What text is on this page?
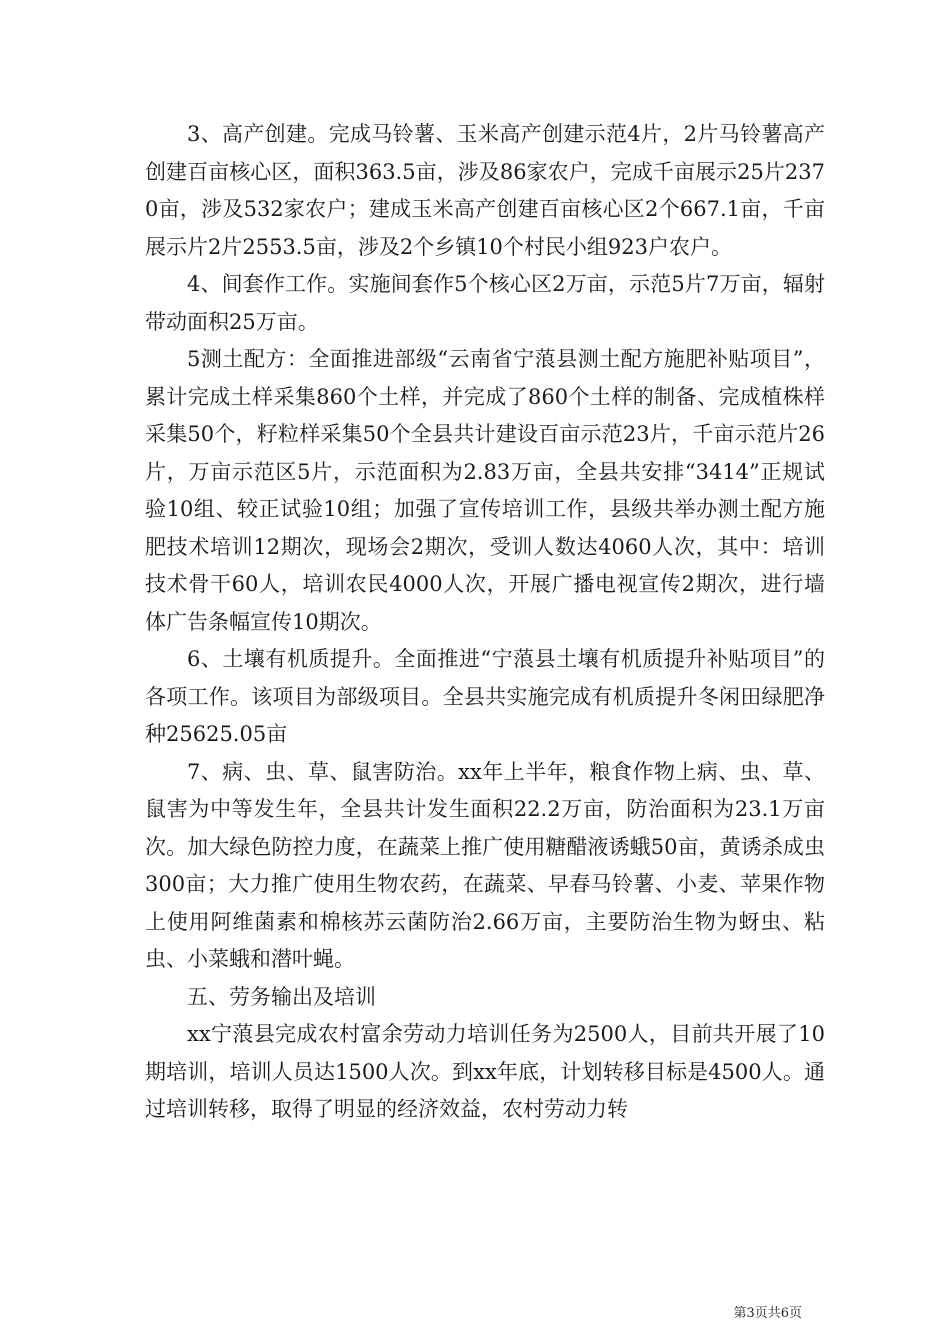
3、高产创建。完成马铃薯、玉米高产创建示范4片，2片马铃薯高产创建百亩核心区，面积363.5亩，涉及86家农户，完成千亩展示25片2370亩，涉及532家农户；建成玉米高产创建百亩核心区2个667.1亩，千亩展示片2片2553.5亩，涉及2个乡镇10个村民小组923户农户。

4、间套作工作。实施间套作5个核心区2万亩，示范5片7万亩，辐射带动面积25万亩。

5测土配方：全面推进部级“云南省宁蒗县测土配方施肥补贴项目”，累计完成土样采集860个土样，并完成了860个土样的制备、完成植株样采集50个，籽粒样采集50个全县共计建设百亩示范23片，千亩示范片26片，万亩示范区5片，示范面积为2.83万亩，全县共安排“3414”正规试验10组、较正试验10组；加强了宣传培训工作，县级共举办测土配方施肥技术培训12期次，现场会2期次，受训人数达4060人次，其中：培训技术骨干60人，培训农民4000人次，开展广播电视宣传2期次，进行墙体广告条幅宣传10期次。

6、土壤有机质提升。全面推进“宁蒗县土壤有机质提升补贴项目”的各项工作。该项目为部级项目。全县共实施完成有机质提升冬闲田绿肥净种25625.05亩

7、病、虫、草、鼠害防治。xx年上半年，粮食作物上病、虫、草、鼠害为中等发生年，全县共计发生面积22.2万亩，防治面积为23.1万亩次。加大绿色防控力度，在蔬菜上推广使用糖醋液诱蛾50亩，黄诱杀成虫300亩；大力推广使用生物农药，在蔬菜、早春马铃薯、小麦、苹果作物上使用阿维菌素和棉核苏云菌防治2.66万亩，主要防治生物为蚜虫、粘虫、小菜蛾和潜叶蝇。

五、劳务输出及培训

xx宁蒗县完成农村富余劳动力培训任务为2500人，目前共开展了10期培训，培训人员达1500人次。到xx年底，计划转移目标是4500人。通过培训转移，取得了明显的经济效益，农村劳动力转

第3页共6页
